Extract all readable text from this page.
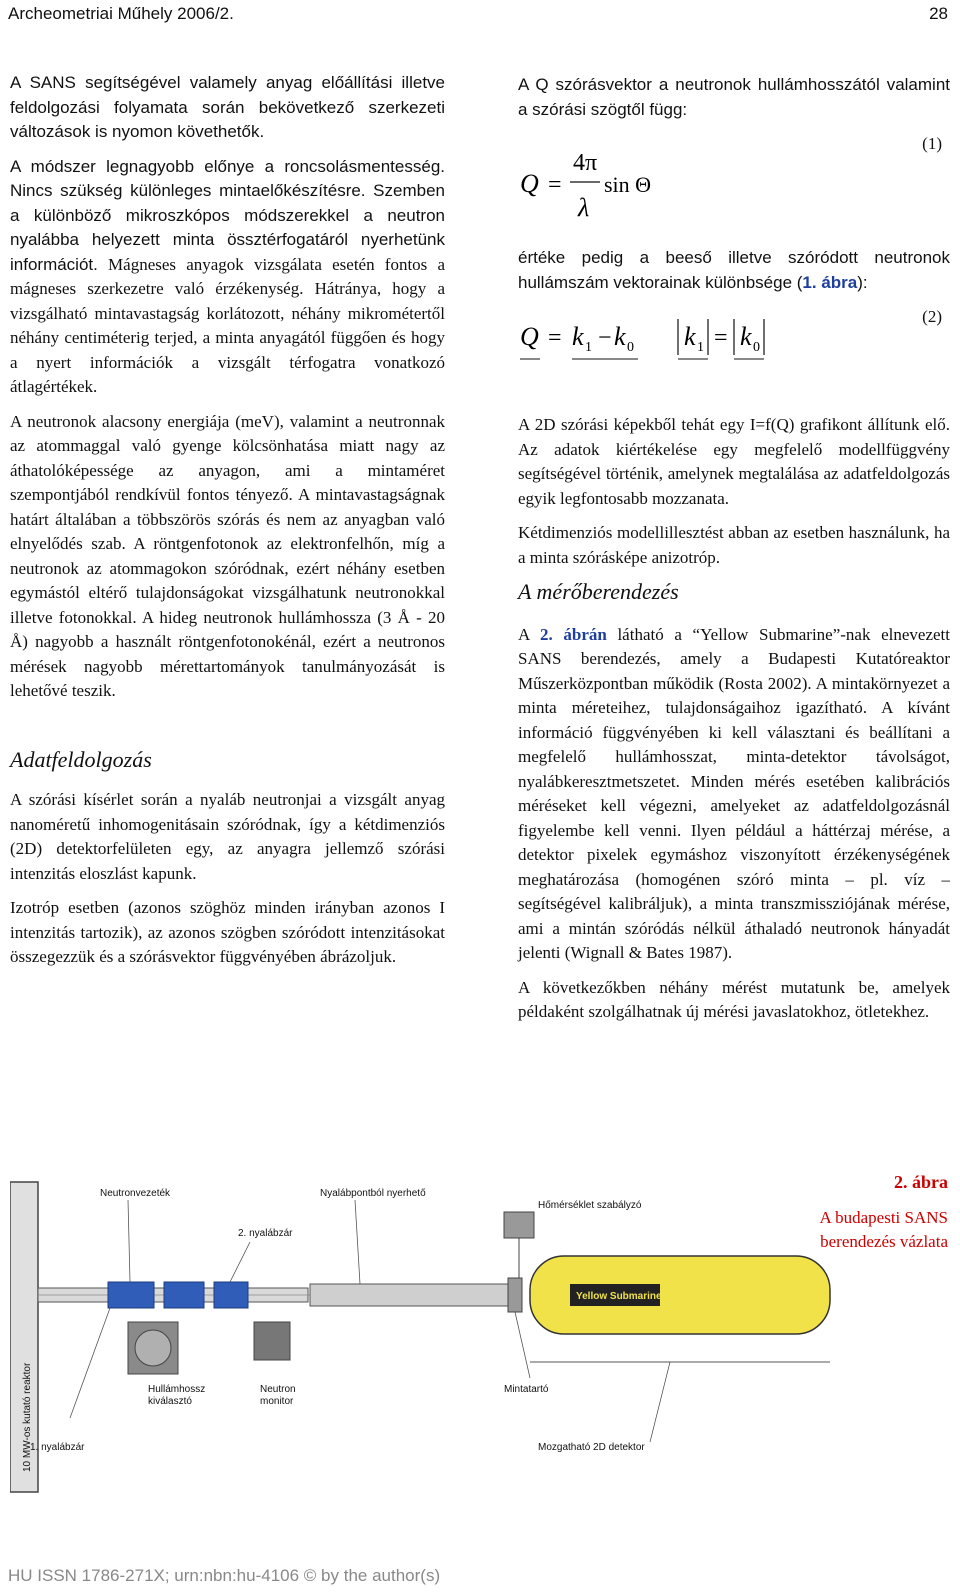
Archeometriai Műhely 2006/2.	28

A SANS segítségével valamely anyag előállítási illetve feldolgozási folyamata során bekövetkező szerkezeti változások is nyomon követhetők.

A módszer legnagyobb előnye a roncsolásmentesség. Nincs szükség különleges mintaelőkészítésre. Szemben a különböző mikroszkópos módszerekkel a neutron nyalábba helyezett minta össztérfogatáról nyerhetünk információt. Mágneses anyagok vizsgálata esetén fontos a mágneses szerkezetre való érzékenység. Hátránya, hogy a vizsgálható mintavastagság korlátozott, néhány mikrométertől néhány centiméterig terjed, a minta anyagától függően és hogy a nyert információk a vizsgált térfogatra vonatkozó átlagértékek.

A neutronok alacsony energiája (meV), valamint a neutronnak az atommaggal való gyenge kölcsönhatása miatt nagy az áthatolóképessége az anyagon, ami a mintaméret szempontjából rendkívül fontos tényező. A mintavastagságnak határt általában a többszörös szórás és nem az anyagban való elnyelődés szab. A röntgenfotonok az elektronfelhőn, míg a neutronok az atommagokon szóródnak, ezért néhány esetben egymástól eltérő tulajdonságokat vizsgálhatunk neutronokkal illetve fotonokkal. A hideg neutronok hullámhossza (3 Å - 20 Å) nagyobb a használt röntgenfotonokénál, ezért a neutronos mérések nagyobb mérettartományok tanulmányozását is lehetővé teszik.

Adatfeldolgozás

A szórási kísérlet során a nyaláb neutronjai a vizsgált anyag nanoméretű inhomogenitásain szóródnak, így a kétdimenziós (2D) detektorfelületen egy, az anyagra jellemző szórási intenzitás eloszlást kapunk.

Izotróp esetben (azonos szöghöz minden irányban azonos I intenzitás tartozik), az azonos szögben szóródott intenzitásokat összegezzük és a szórásvektor függvényében ábrázoljuk.

A Q szórásvektor a neutronok hullámhosszától valamint a szórási szögtől függ:

Q =
4π
λ
sin Θ
(1)

értéke pedig a beeső illetve szóródott neutronok hullámszám vektorainak különbsége (1. ábra):

Q = k 1 − k 0 k 1 = k 0
(2)

A 2D szórási képekből tehát egy I=f(Q) grafikont állítunk elő. Az adatok kiértékelése egy megfelelő modellfüggvény segítségével történik, amelynek megtalálása az adatfeldolgozás egyik legfontosabb mozzanata.

Kétdimenziós modellillesztést abban az esetben használunk, ha a minta szórásképe anizotróp.

A mérőberendezés

A 2. ábrán látható a “Yellow Submarine”-nak elnevezett SANS berendezés, amely a Budapesti Kutatóreaktor Műszerközpontban működik (Rosta 2002). A mintakörnyezet a minta méreteihez, tulajdonságaihoz igazítható. A kívánt információ függvényében ki kell választani és beállítani a megfelelő hullámhosszat, minta-detektor távolságot, nyalábkeresztmetszetet. Minden mérés esetében kalibrációs méréseket kell végezni, amelyeket az adatfeldolgozásnál figyelembe kell venni. Ilyen például a háttérzaj mérése, a detektor pixelek egymáshoz viszonyított érzékenységének meghatározása (homogénen szóró minta – pl. víz – segítségével kalibráljuk), a minta transzmissziójának mérése, ami a mintán szóródás nélkül áthaladó neutronok hányadát jelenti (Wignall & Bates 1987).

A következőkben néhány mérést mutatunk be, amelyek példaként szolgálhatnak új mérési javaslatokhoz, ötletekhez.

2. ábra
A budapesti SANS
berendezés vázlata
10 MW-os kutató reaktor
Yellow Submarine
Neutronvezeték
2. nyalábzár
Nyalábpontból nyerhető
Hőmérséklet szabályzó
Hullámhossz kiválasztó
Neutron monitor
Mintatartó
1. nyalábzár	Mozgatható 2D detektor
HU ISSN 1786-271X; urn:nbn:hu-4106 © by the author(s)
